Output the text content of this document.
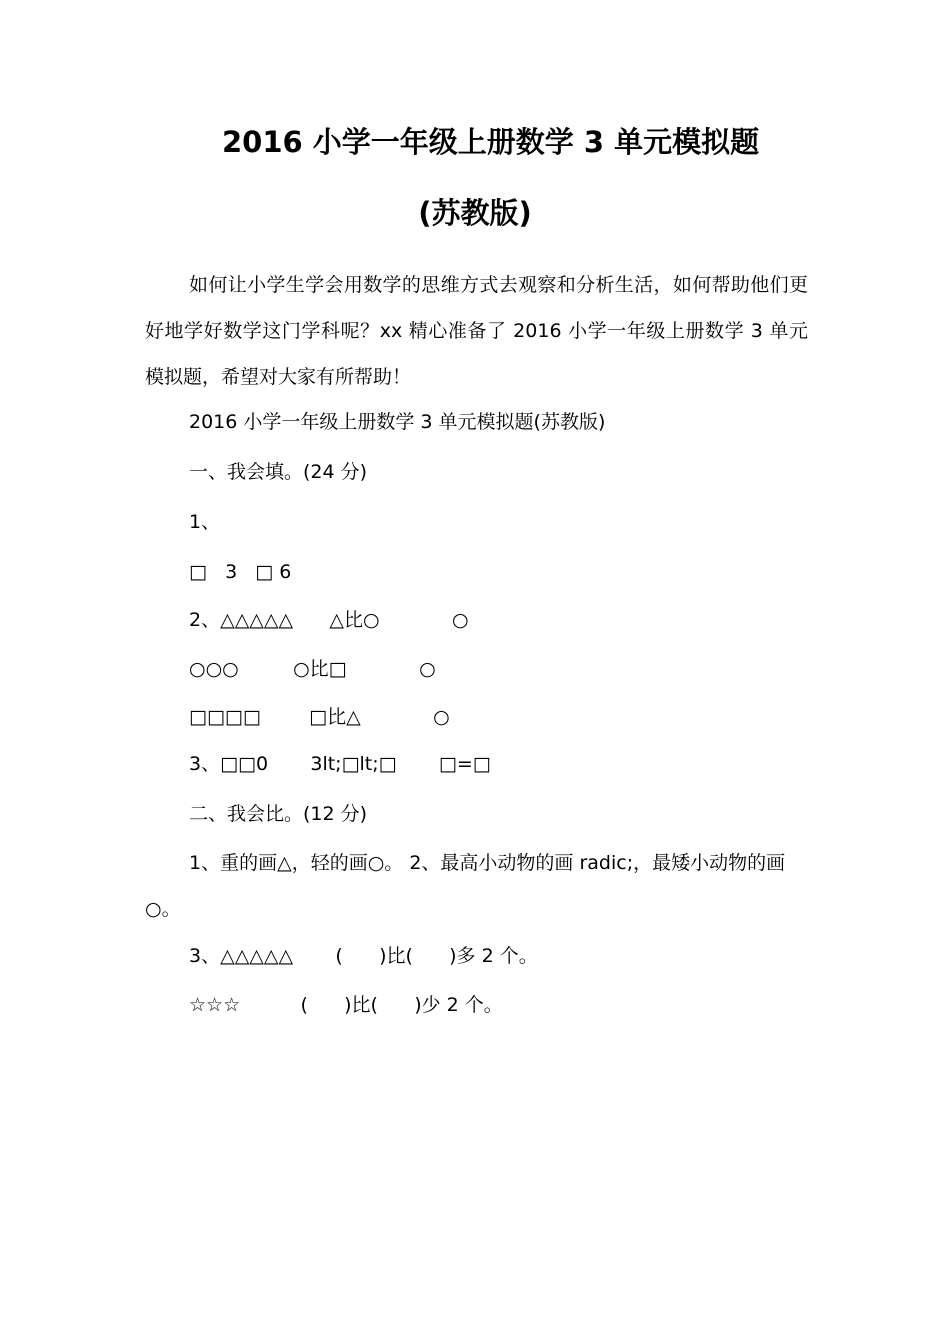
2016 小学一年级上册数学 3 单元模拟题
(苏教版)
如何让小学生学会用数学的思维方式去观察和分析生活，如何帮助他们更好地学好数学这门学科呢？xx 精心准备了 2016 小学一年级上册数学 3 单元模拟题，希望对大家有所帮助！
2016 小学一年级上册数学 3 单元模拟题(苏教版)
一、我会填。(24 分)
1、
□   3   □ 6
2、△△△△△      △比○            ○
○○○         ○比□            ○
□□□□        □比△            ○
3、□□0       3lt;□lt;□       □=□
二、我会比。(12 分)
1、重的画△，轻的画○。 2、最高小动物的画 radic;，最矮小动物的画○。
3、△△△△△       (      )比(      )多 2 个。
☆☆☆          (      )比(      )少 2 个。
